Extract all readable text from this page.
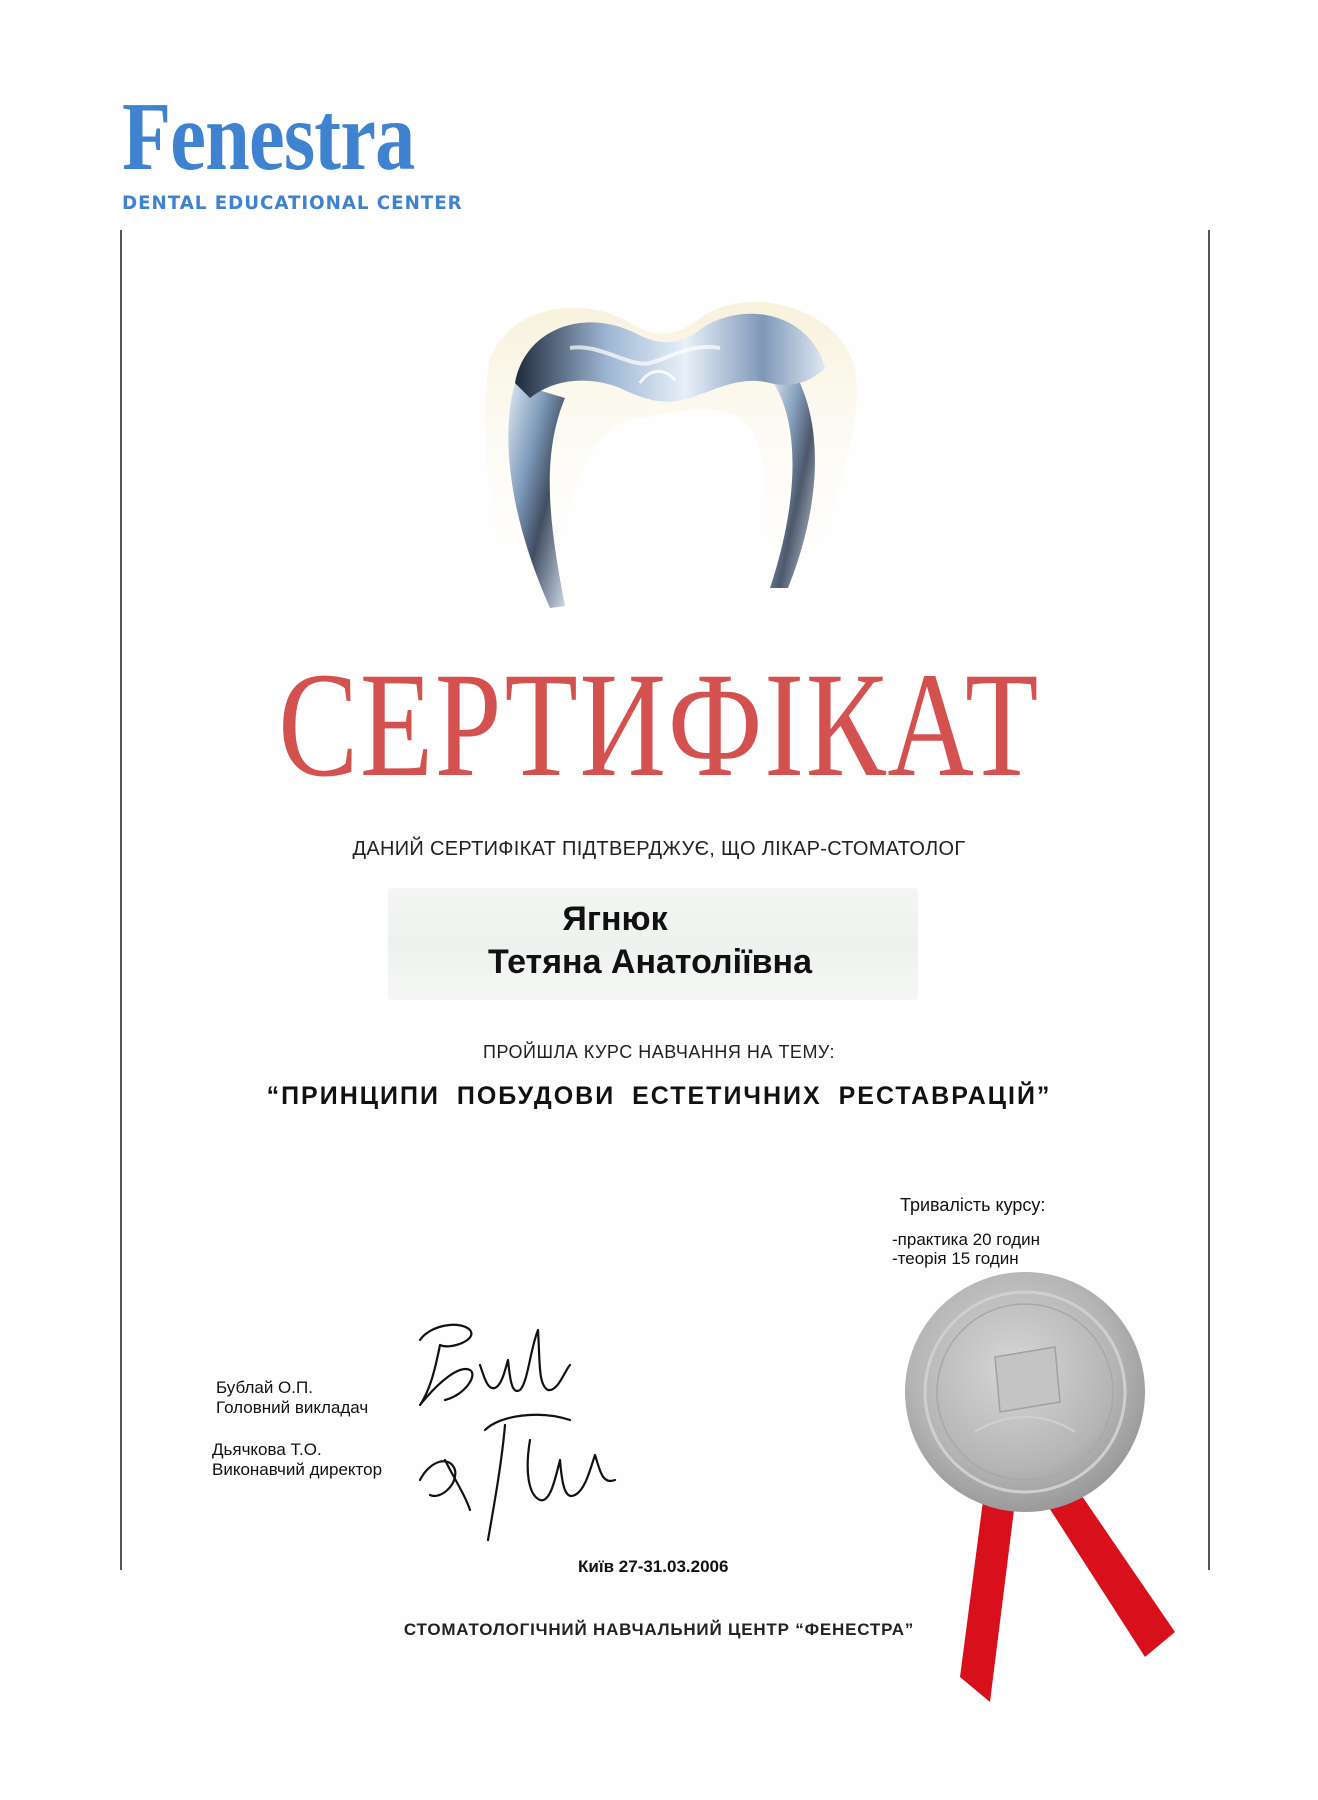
Fenestra
DENTAL EDUCATIONAL CENTER
СЕРТИФІКАТ
ДАНИЙ СЕРТИФІКАТ ПІДТВЕРДЖУЄ, ЩО ЛІКАР-СТОМАТОЛОГ
Ягнюк
Тетяна Анатоліївна
ПРОЙШЛА КУРС НАВЧАННЯ НА ТЕМУ:
“ПРИНЦИПИ ПОБУДОВИ ЕСТЕТИЧНИХ РЕСТАВРАЦІЙ”
Тривалість курсу:
-практика 20 годин
-теорія 15 годин
Бублай О.П.
Головний викладач
Дьячкова Т.О.
Виконавчий директор
Київ 27-31.03.2006
СТОМАТОЛОГІЧНИЙ НАВЧАЛЬНИЙ ЦЕНТР “ФЕНЕСТРА”
